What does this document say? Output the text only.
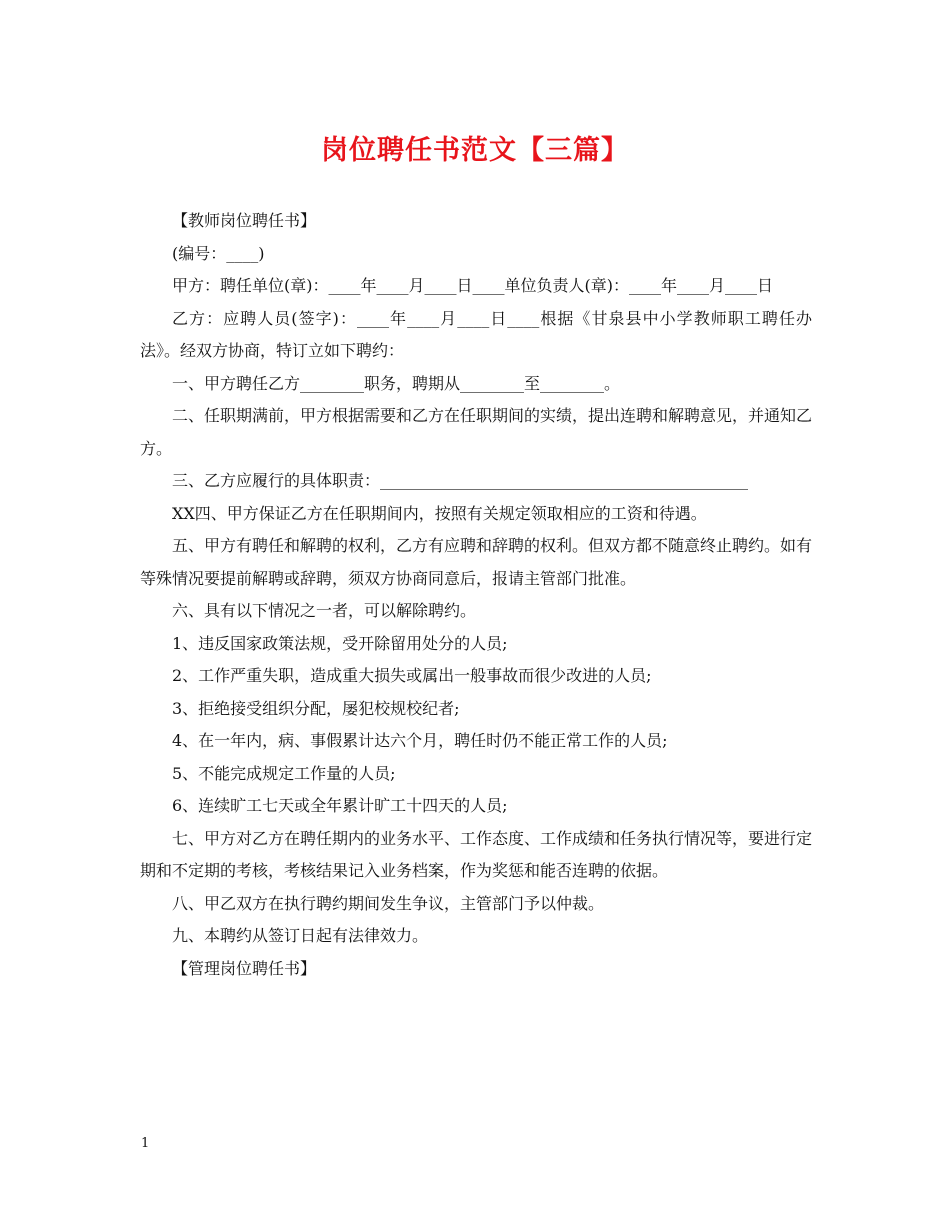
岗位聘任书范文【三篇】

【教师岗位聘任书】

(编号：____)

甲方：聘任单位(章)：____年____月____日____单位负责人(章)：____年____月____日

乙方：应聘人员(签字)：____年____月____日____根据《甘泉县中小学教师职工聘任办法》。经双方协商，特订立如下聘约：

一、甲方聘任乙方________职务，聘期从________至________。

二、任职期满前，甲方根据需要和乙方在任职期间的实绩，提出连聘和解聘意见，并通知乙方。

三、乙方应履行的具体职责：______________________________________________

XX四、甲方保证乙方在任职期间内，按照有关规定领取相应的工资和待遇。

五、甲方有聘任和解聘的权利，乙方有应聘和辞聘的权利。但双方都不随意终止聘约。如有等殊情况要提前解聘或辞聘，须双方协商同意后，报请主管部门批准。

六、具有以下情况之一者，可以解除聘约。

1、违反国家政策法规，受开除留用处分的人员;

2、工作严重失职，造成重大损失或属出一般事故而很少改进的人员;

3、拒绝接受组织分配，屡犯校规校纪者;

4、在一年内，病、事假累计达六个月，聘任时仍不能正常工作的人员;

5、不能完成规定工作量的人员;

6、连续旷工七天或全年累计旷工十四天的人员;

七、甲方对乙方在聘任期内的业务水平、工作态度、工作成绩和任务执行情况等，要进行定期和不定期的考核，考核结果记入业务档案，作为奖惩和能否连聘的依据。

八、甲乙双方在执行聘约期间发生争议，主管部门予以仲裁。

九、本聘约从签订日起有法律效力。

【管理岗位聘任书】

1
